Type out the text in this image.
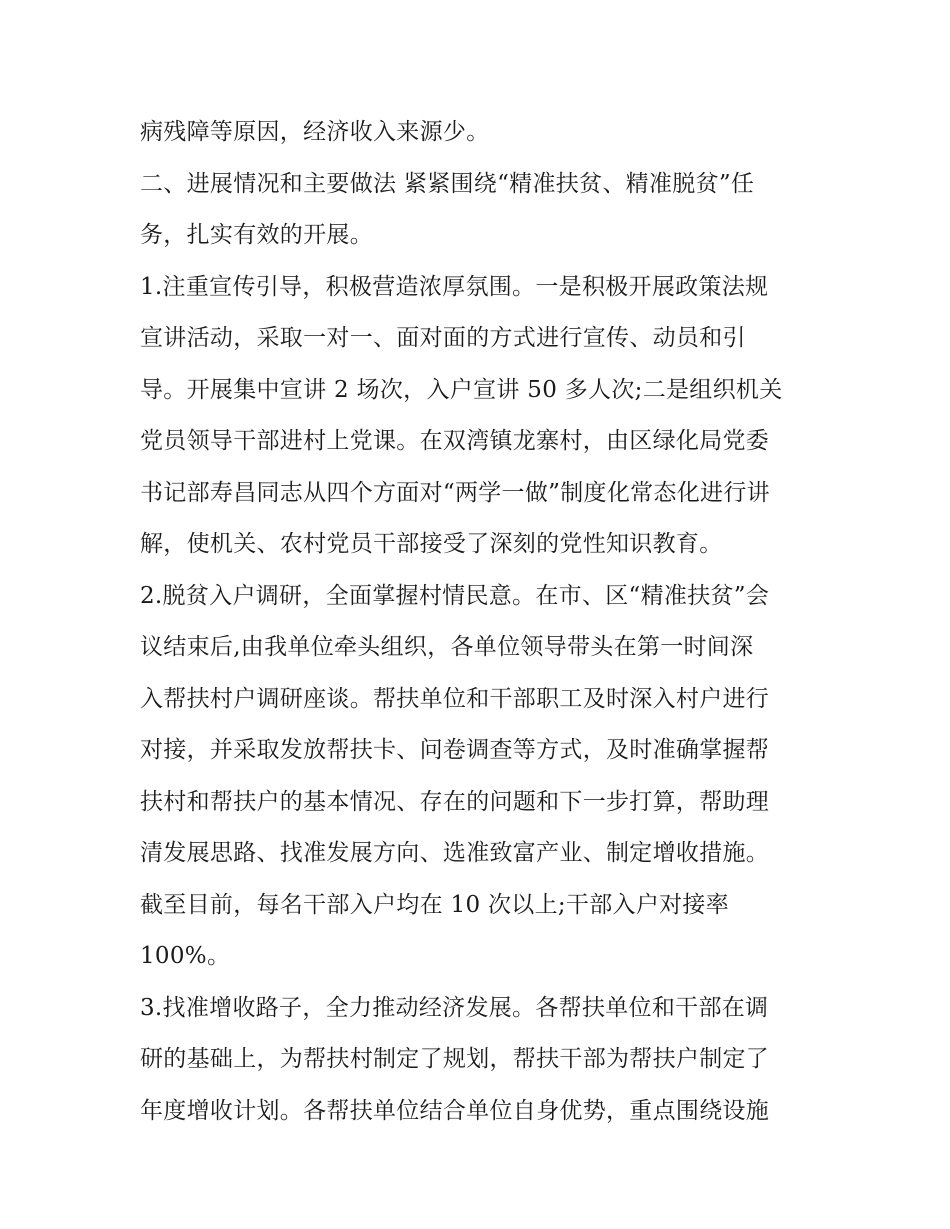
病残障等原因，经济收入来源少。
二、进展情况和主要做法 紧紧围绕“精准扶贫、精准脱贫”任
务，扎实有效的开展。
1.注重宣传引导，积极营造浓厚氛围。一是积极开展政策法规
宣讲活动，采取一对一、面对面的方式进行宣传、动员和引
导。开展集中宣讲 2 场次，入户宣讲 50 多人次;二是组织机关
党员领导干部进村上党课。在双湾镇龙寨村，由区绿化局党委
书记部寿昌同志从四个方面对“两学一做”制度化常态化进行讲
解，使机关、农村党员干部接受了深刻的党性知识教育。
2.脱贫入户调研，全面掌握村情民意。在市、区“精准扶贫”会
议结束后,由我单位牵头组织，各单位领导带头在第一时间深
入帮扶村户调研座谈。帮扶单位和干部职工及时深入村户进行
对接，并采取发放帮扶卡、问卷调查等方式，及时准确掌握帮
扶村和帮扶户的基本情况、存在的问题和下一步打算，帮助理
清发展思路、找准发展方向、选准致富产业、制定增收措施。
截至目前，每名干部入户均在 10 次以上;干部入户对接率
100%。
3.找准增收路子，全力推动经济发展。各帮扶单位和干部在调
研的基础上，为帮扶村制定了规划，帮扶干部为帮扶户制定了
年度增收计划。各帮扶单位结合单位自身优势，重点围绕设施
